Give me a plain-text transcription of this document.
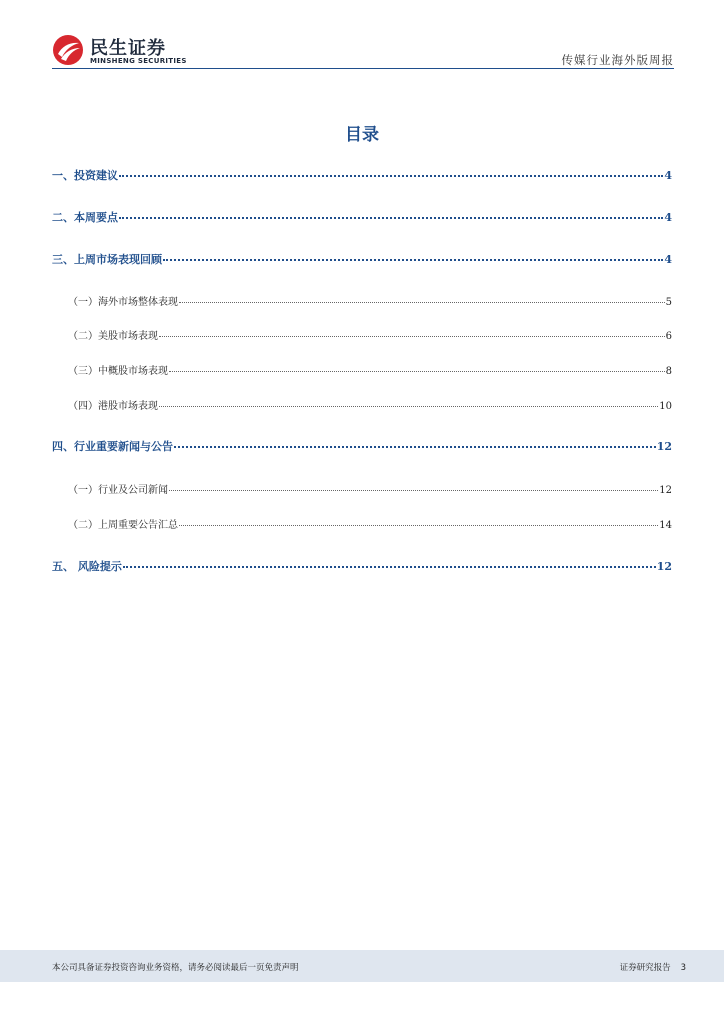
民生证券
MINSHENG SECURITIES	传媒行业海外版周报
目录
一、投资建议	4
二、本周要点	4
三、上周市场表现回顾	4
（一）海外市场整体表现	5
（二）美股市场表现	6
（三）中概股市场表现	8
（四）港股市场表现	10
四、行业重要新闻与公告	12
（一）行业及公司新闻	12
（二）上周重要公告汇总	14
五、 风险提示	12
本公司具备证券投资咨询业务资格，请务必阅读最后一页免责声明	证券研究报告 3
